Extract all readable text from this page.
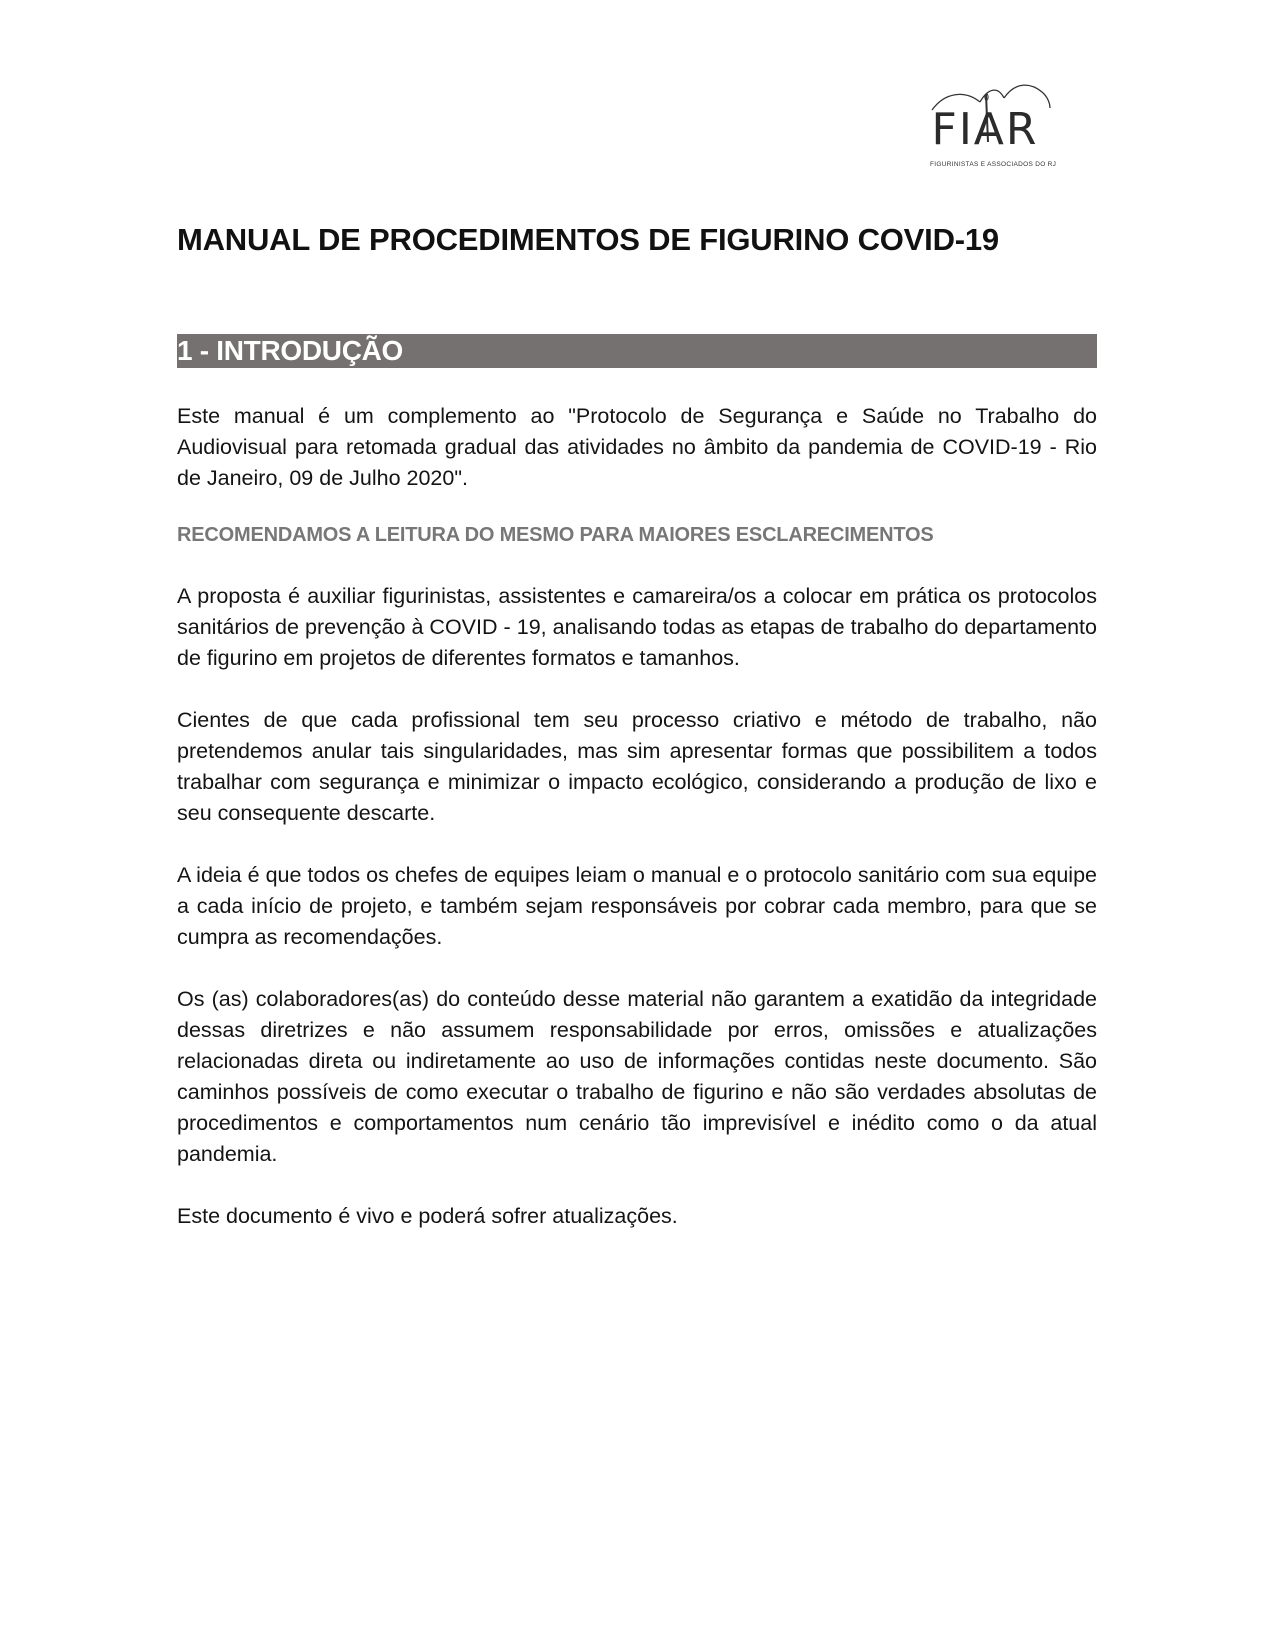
FIAR
FIGURINISTAS E ASSOCIADOS DO RJ
MANUAL DE PROCEDIMENTOS DE FIGURINO COVID-19
1 - INTRODUÇÃO

Este manual é um complemento ao "Protocolo de Segurança e Saúde no Trabalho do Audiovisual para retomada gradual das atividades no âmbito da pandemia de COVID-19 - Rio de Janeiro, 09 de Julho 2020".

RECOMENDAMOS A LEITURA DO MESMO PARA MAIORES ESCLARECIMENTOS

A proposta é auxiliar figurinistas, assistentes e camareira/os a colocar em prática os protocolos sanitários de prevenção à COVID - 19, analisando todas as etapas de trabalho do departamento de figurino em projetos de diferentes formatos e tamanhos.

Cientes de que cada profissional tem seu processo criativo e método de trabalho, não pretendemos anular tais singularidades, mas sim apresentar formas que possibilitem a todos trabalhar com segurança e minimizar o impacto ecológico, considerando a produção de lixo e seu consequente descarte.

A ideia é que todos os chefes de equipes leiam o manual e o protocolo sanitário com sua equipe a cada início de projeto, e também sejam responsáveis por cobrar cada membro, para que se cumpra as recomendações.

Os (as) colaboradores(as) do conteúdo desse material não garantem a exatidão da integridade dessas diretrizes e não assumem responsabilidade por erros, omissões e atualizações relacionadas direta ou indiretamente ao uso de informações contidas neste documento. São caminhos possíveis de como executar o trabalho de figurino e não são verdades absolutas de procedimentos e comportamentos num cenário tão imprevisível e inédito como o da atual pandemia.

Este documento é vivo e poderá sofrer atualizações.
